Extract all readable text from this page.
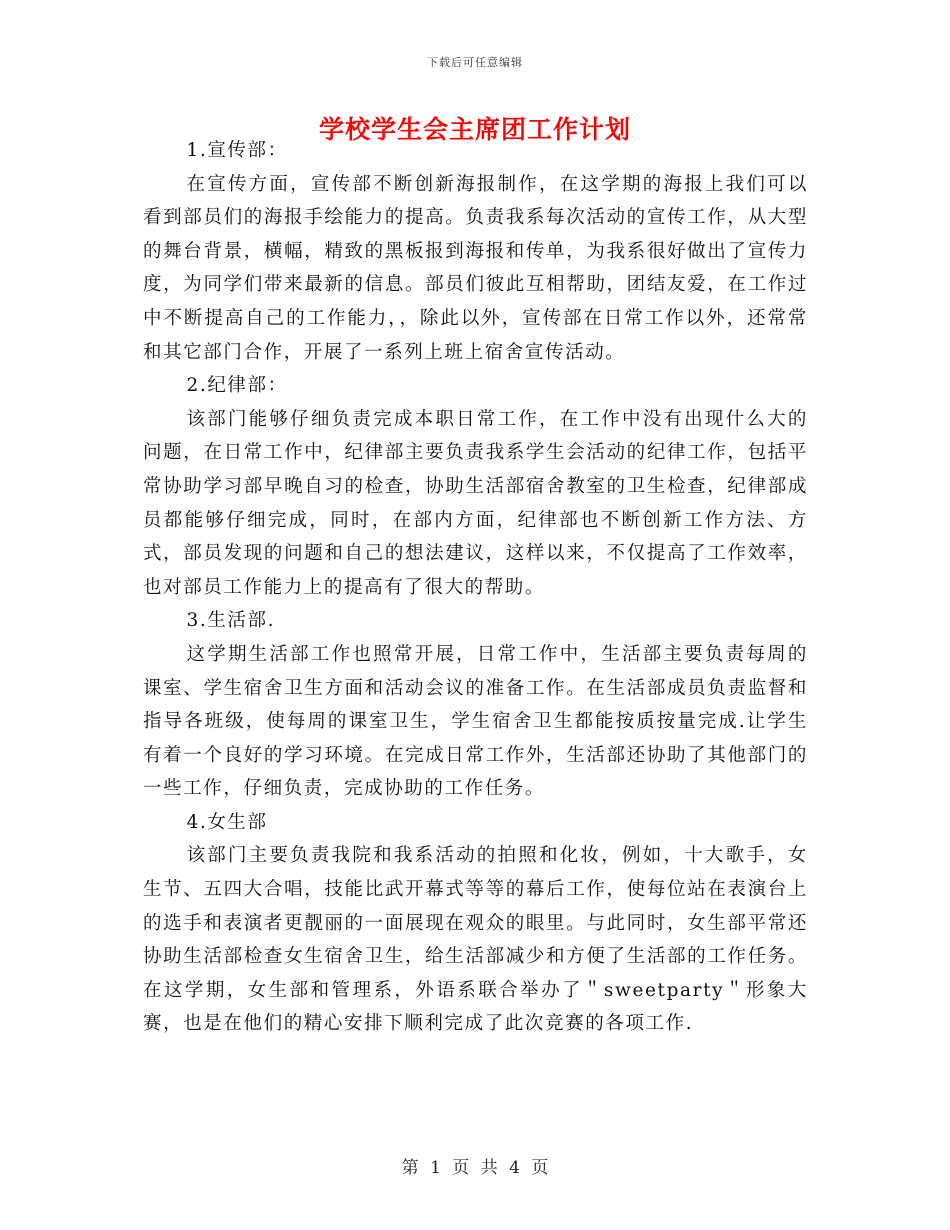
下载后可任意编辑
学校学生会主席团工作计划

1.宣传部：

在宣传方面，宣传部不断创新海报制作，在这学期的海报上我们可以看到部员们的海报手绘能力的提高。负责我系每次活动的宣传工作，从大型的舞台背景，横幅，精致的黑板报到海报和传单，为我系很好做出了宣传力度，为同学们带来最新的信息。部员们彼此互相帮助，团结友爱，在工作过中不断提高自己的工作能力，，除此以外，宣传部在日常工作以外，还常常和其它部门合作，开展了一系列上班上宿舍宣传活动。

2.纪律部：

该部门能够仔细负责完成本职日常工作，在工作中没有出现什么大的问题，在日常工作中，纪律部主要负责我系学生会活动的纪律工作，包括平常协助学习部早晚自习的检查，协助生活部宿舍教室的卫生检查，纪律部成员都能够仔细完成，同时，在部内方面，纪律部也不断创新工作方法、方式，部员发现的问题和自己的想法建议，这样以来，不仅提高了工作效率，也对部员工作能力上的提高有了很大的帮助。

3.生活部.

这学期生活部工作也照常开展，日常工作中，生活部主要负责每周的课室、学生宿舍卫生方面和活动会议的准备工作。在生活部成员负责监督和指导各班级，使每周的课室卫生，学生宿舍卫生都能按质按量完成.让学生有着一个良好的学习环境。在完成日常工作外，生活部还协助了其他部门的一些工作，仔细负责，完成协助的工作任务。

4.女生部

该部门主要负责我院和我系活动的拍照和化妆，例如，十大歌手，女生节、五四大合唱，技能比武开幕式等等的幕后工作，使每位站在表演台上的选手和表演者更靓丽的一面展现在观众的眼里。与此同时，女生部平常还协助生活部检查女生宿舍卫生，给生活部减少和方便了生活部的工作任务。在这学期，女生部和管理系，外语系联合举办了＂sweetparty＂形象大赛，也是在他们的精心安排下顺利完成了此次竞赛的各项工作.

第 1 页 共 4 页
